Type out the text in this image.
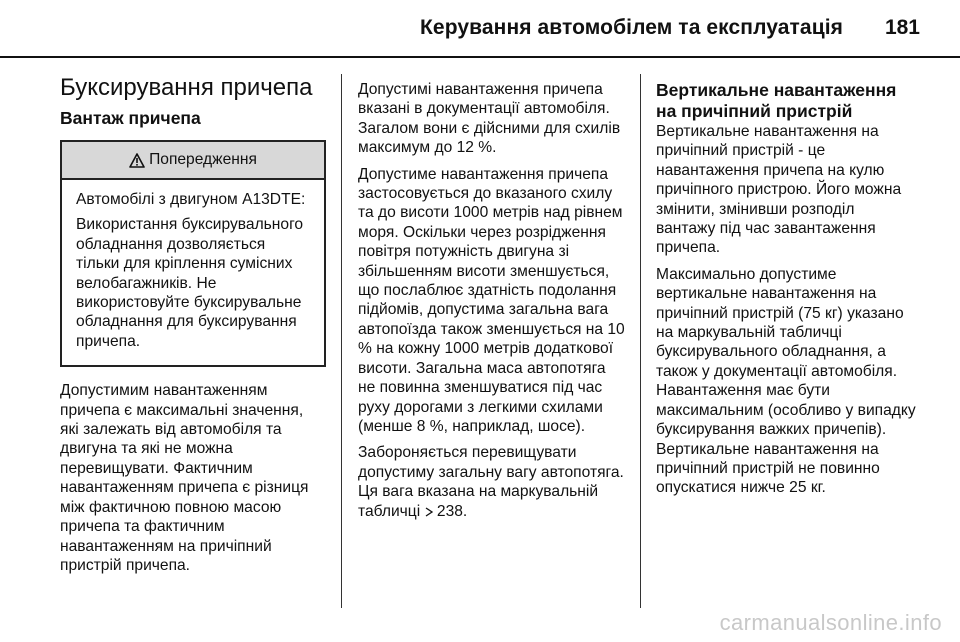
Керування автомобілем та експлуатація 181
Буксирування причепа
Вантаж причепа
Попередження

Автомобілі з двигуном A13DTE:

Використання буксирувального обладнання дозволяється тільки для кріплення сумісних велобагажників. Не використовуйте буксирувальне обладнання для буксирування причепа.

Допустимим навантаженням причепа є максимальні значення, які залежать від автомобіля та двигуна та які не можна перевищувати. Фактичним навантаженням причепа є різниця між фактичною повною масою причепа та фактичним навантаженням на причіпний пристрій причепа.

Допустимі навантаження причепа вказані в документації автомобіля. Загалом вони є дійсними для схилів максимум до 12 %.

Допустиме навантаження причепа застосовується до вказаного схилу та до висоти 1000 метрів над рівнем моря. Оскільки через розрідження повітря потужність двигуна зі збільшенням висоти зменшується, що послаблює здатність подолання підйомів, допустима загальна вага автопоїзда також зменшується на 10 % на кожну 1000 метрів додаткової висоти. Загальна маса автопотяга не повинна зменшуватися під час руху дорогами з легкими схилами (менше 8 %, наприклад, шосе).

Забороняється перевищувати допустиму загальну вагу автопотяга. Ця вага вказана на маркувальній табличці 238.

Вертикальне навантаження на причіпний пристрій

Вертикальне навантаження на причіпний пристрій - це навантаження причепа на кулю причіпного пристрою. Його можна змінити, змінивши розподіл вантажу під час завантаження причепа.

Максимально допустиме вертикальне навантаження на причіпний пристрій (75 кг) указано на маркувальній табличці буксирувального обладнання, а також у документації автомобіля. Навантаження має бути максимальним (особливо у випадку буксирування важких причепів). Вертикальне навантаження на причіпний пристрій не повинно опускатися нижче 25 кг.

carmanualsonline.info
